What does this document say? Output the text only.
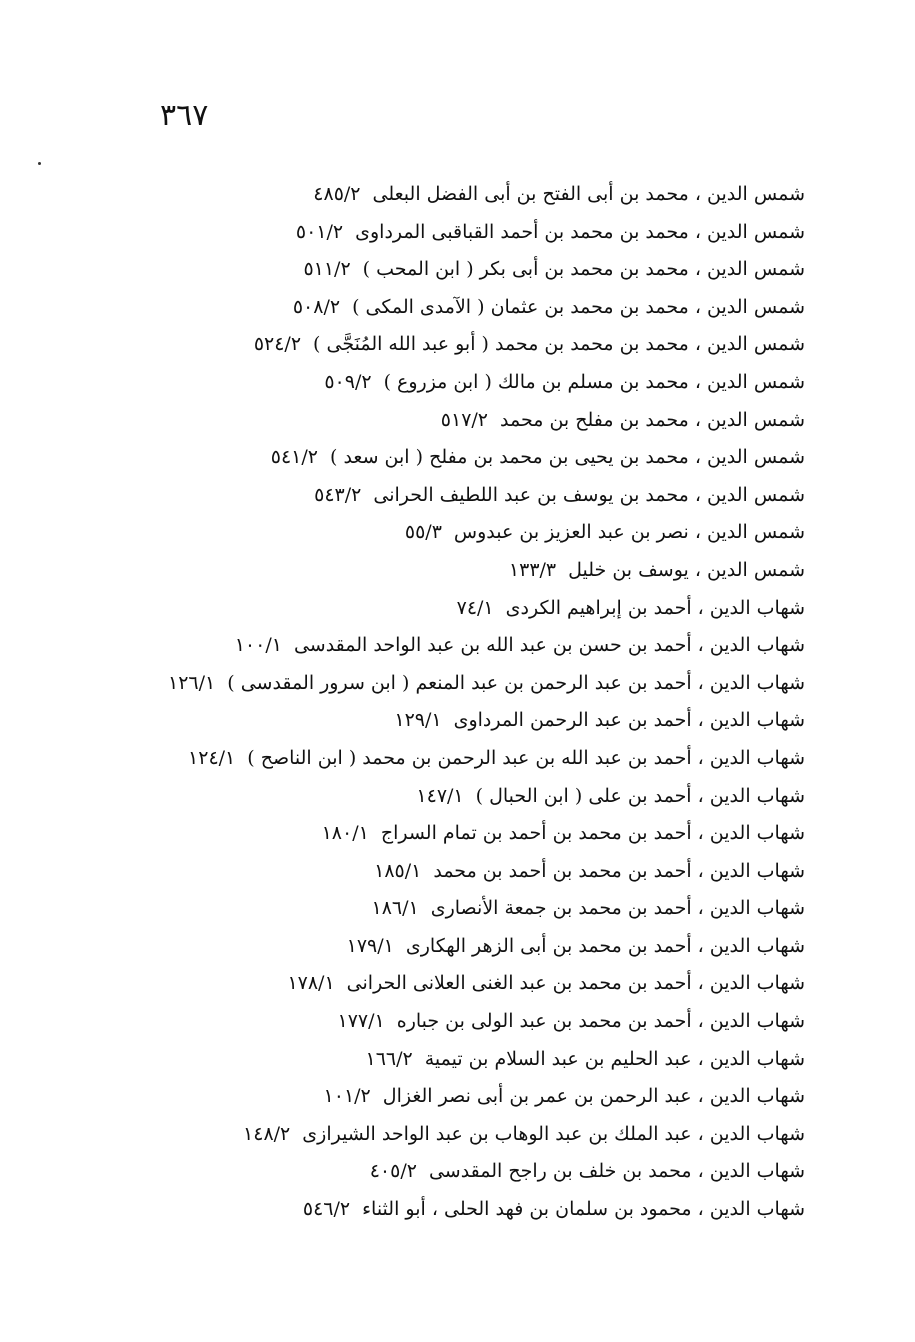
٣٦٧
شمس الدين ، محمد بن أبى الفتح بن أبى الفضل البعلى٤٨٥/٢
شمس الدين ، محمد بن محمد بن أحمد القباقبى المرداوى٥٠١/٢
شمس الدين ، محمد بن محمد بن أبى بكر ( ابن المحب )٥١١/٢
شمس الدين ، محمد بن محمد بن عثمان ( الآمدى المكى )٥٠٨/٢
شمس الدين ، محمد بن محمد بن محمد ( أبو عبد الله المُنَجَّى )٥٢٤/٢
شمس الدين ، محمد بن مسلم بن مالك ( ابن مزروع )٥٠٩/٢
شمس الدين ، محمد بن مفلح بن محمد٥١٧/٢
شمس الدين ، محمد بن يحيى بن محمد بن مفلح ( ابن سعد )٥٤١/٢
شمس الدين ، محمد بن يوسف بن عبد اللطيف الحرانى٥٤٣/٢
شمس الدين ، نصر بن عبد العزيز بن عبدوس٥٥/٣
شمس الدين ، يوسف بن خليل١٣٣/٣
شهاب الدين ، أحمد بن إبراهيم الكردى٧٤/١
شهاب الدين ، أحمد بن حسن بن عبد الله بن عبد الواحد المقدسى١٠٠/١
شهاب الدين ، أحمد بن عبد الرحمن بن عبد المنعم ( ابن سرور المقدسى )١٢٦/١
شهاب الدين ، أحمد بن عبد الرحمن المرداوى١٢٩/١
شهاب الدين ، أحمد بن عبد الله بن عبد الرحمن بن محمد ( ابن الناصح )١٢٤/١
شهاب الدين ، أحمد بن على ( ابن الحبال )١٤٧/١
شهاب الدين ، أحمد بن محمد بن أحمد بن تمام السراج١٨٠/١
شهاب الدين ، أحمد بن محمد بن أحمد بن محمد١٨٥/١
شهاب الدين ، أحمد بن محمد بن جمعة الأنصارى١٨٦/١
شهاب الدين ، أحمد بن محمد بن أبى الزهر الهكارى١٧٩/١
شهاب الدين ، أحمد بن محمد بن عبد الغنى العلانى الحرانى١٧٨/١
شهاب الدين ، أحمد بن محمد بن عبد الولى بن جباره١٧٧/١
شهاب الدين ، عبد الحليم بن عبد السلام بن تيمية١٦٦/٢
شهاب الدين ، عبد الرحمن بن عمر بن أبى نصر الغزال١٠١/٢
شهاب الدين ، عبد الملك بن عبد الوهاب بن عبد الواحد الشيرازى١٤٨/٢
شهاب الدين ، محمد بن خلف بن راجح المقدسى٤٠٥/٢
شهاب الدين ، محمود بن سلمان بن فهد الحلى ، أبو الثناء٥٤٦/٢
